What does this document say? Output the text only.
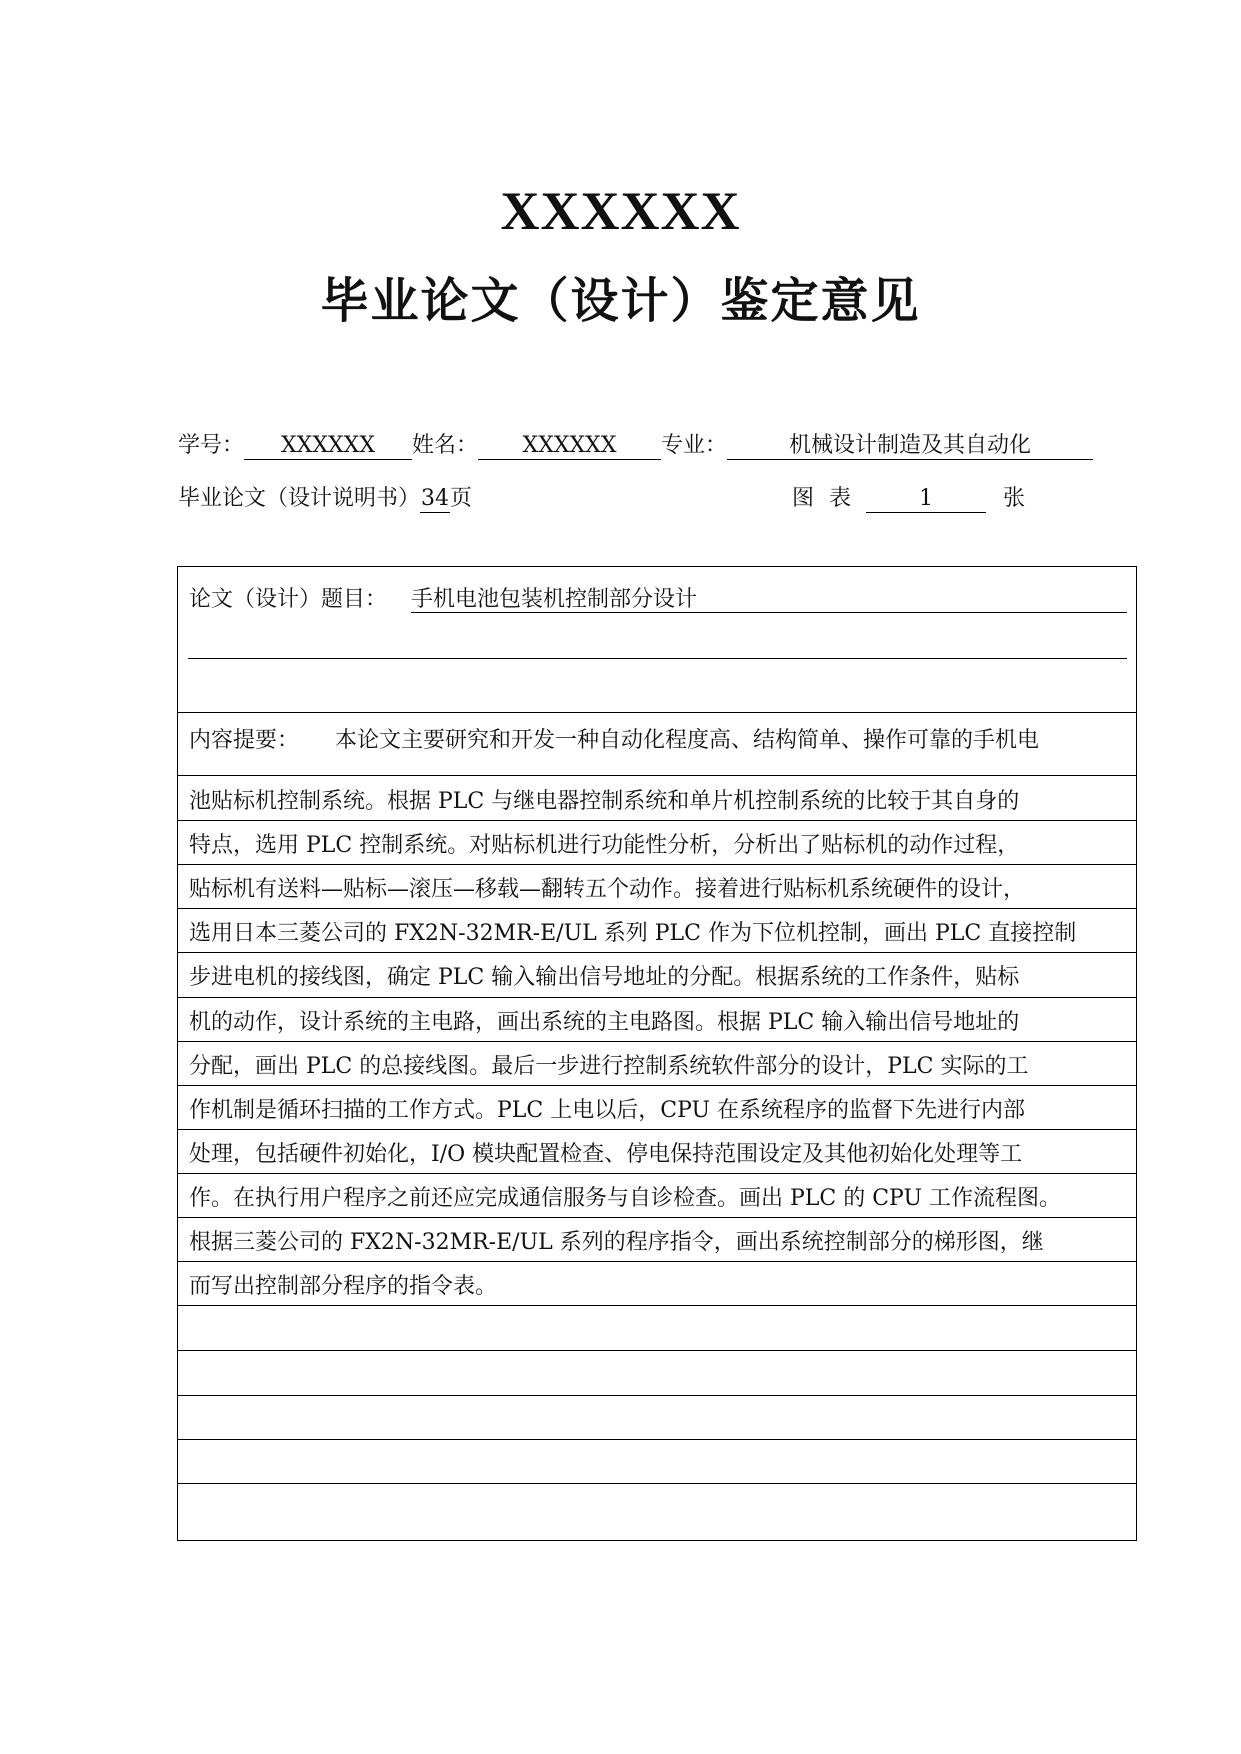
XXXXXX
毕业论文（设计）鉴定意见
学号： XXXXXX 姓名： XXXXXX 专业：	机械设计制造及其自动化
毕业论文（设计说明书）34页	图 表	1	张
论文（设计）题目： 手机电池包装机控制部分设计
内容提要： 本论文主要研究和开发一种自动化程度高、结构简单、操作可靠的手机电
池贴标机控制系统。根据 PLC 与继电器控制系统和单片机控制系统的比较于其自身的
特点，选用 PLC 控制系统。对贴标机进行功能性分析，分析出了贴标机的动作过程，
贴标机有送料—贴标—滚压—移载—翻转五个动作。接着进行贴标机系统硬件的设计，
选用日本三菱公司的 FX2N-32MR-E/UL 系列 PLC 作为下位机控制，画出 PLC 直接控制
步进电机的接线图，确定 PLC 输入输出信号地址的分配。根据系统的工作条件，贴标
机的动作，设计系统的主电路，画出系统的主电路图。根据 PLC 输入输出信号地址的
分配，画出 PLC 的总接线图。最后一步进行控制系统软件部分的设计，PLC 实际的工
作机制是循环扫描的工作方式。PLC 上电以后，CPU 在系统程序的监督下先进行内部
处理，包括硬件初始化，I/O 模块配置检查、停电保持范围设定及其他初始化处理等工
作。在执行用户程序之前还应完成通信服务与自诊检查。画出 PLC 的 CPU 工作流程图。
根据三菱公司的 FX2N-32MR-E/UL 系列的程序指令，画出系统控制部分的梯形图，继
而写出控制部分程序的指令表。
